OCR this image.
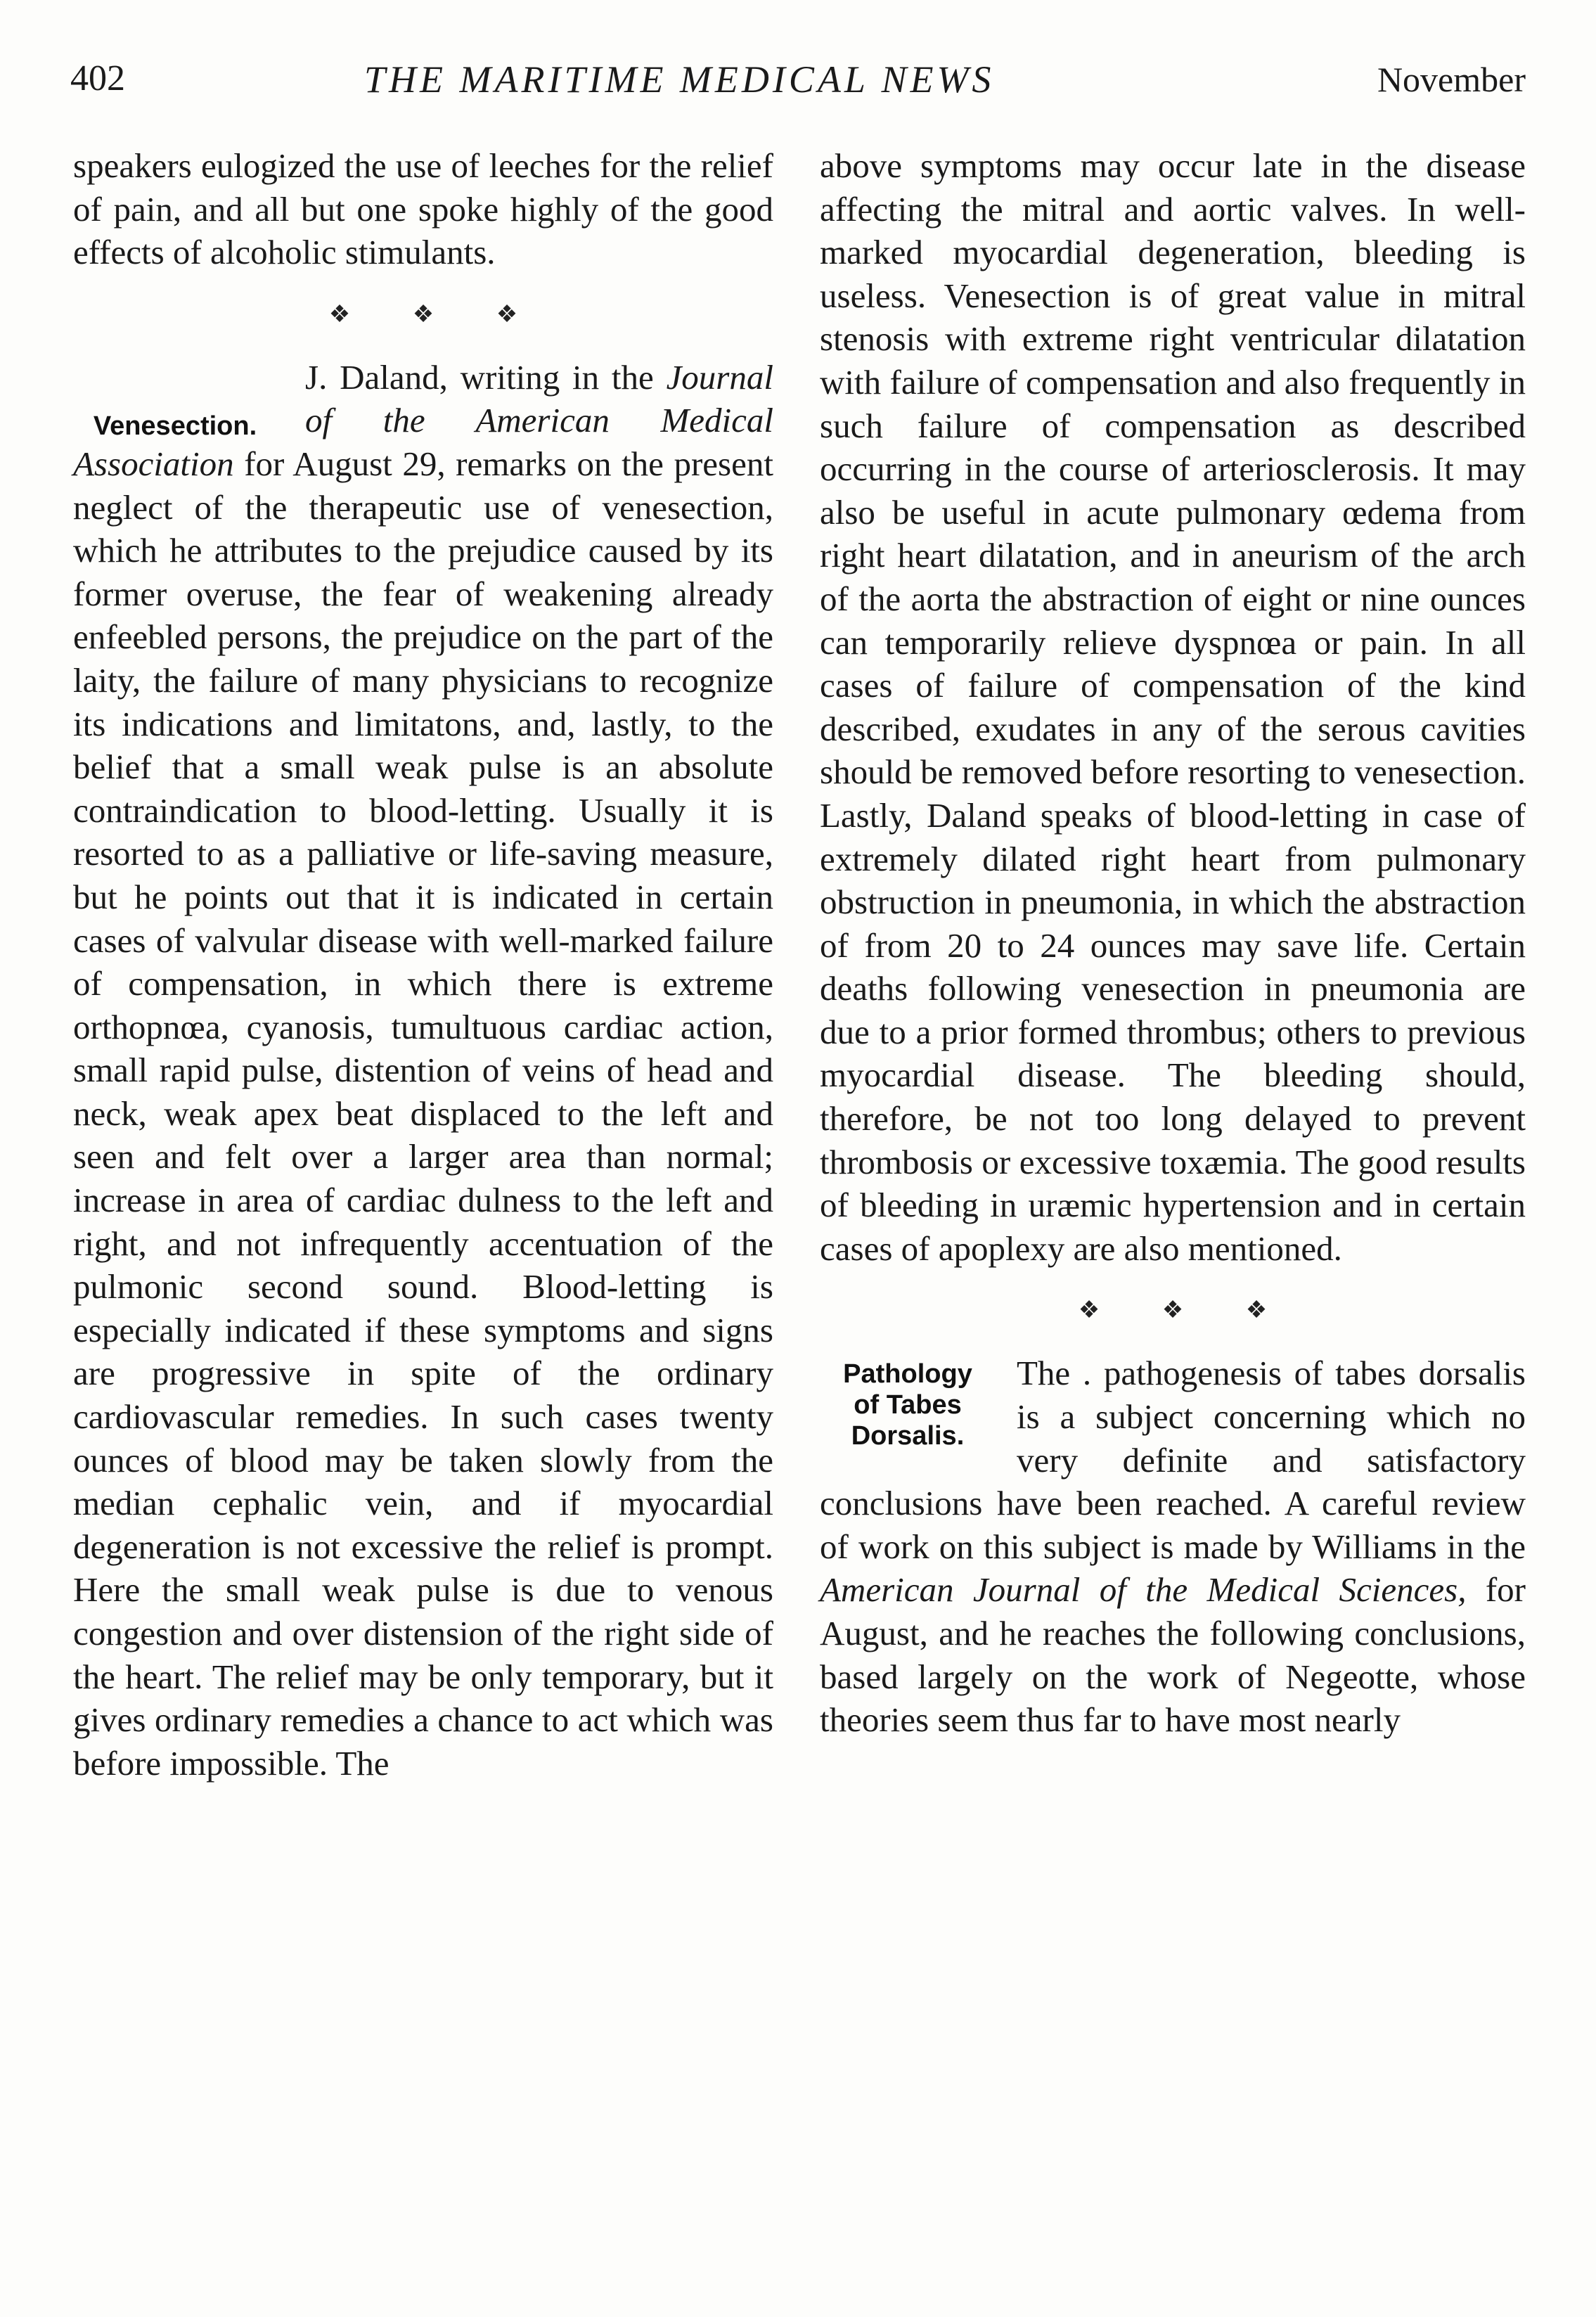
402	THE MARITIME MEDICAL NEWS	November

speakers eulogized the use of leeches for the relief of pain, and all but one spoke highly of the good effects of alcoholic stimulants.

❖ ❖ ❖
Venesection.

J. Daland, writing in the Journal of the American Medical Association for August 29, remarks on the present neglect of the therapeutic use of venesection, which he attributes to the prejudice caused by its former overuse, the fear of weakening already enfeebled persons, the prejudice on the part of the laity, the failure of many physicians to recognize its indications and limitatons, and, lastly, to the belief that a small weak pulse is an absolute contraindication to blood-letting. Usually it is resorted to as a palliative or life-saving measure, but he points out that it is indicated in certain cases of valvular disease with well-marked failure of compensation, in which there is extreme orthopnœa, cyanosis, tumultuous cardiac action, small rapid pulse, distention of veins of head and neck, weak apex beat displaced to the left and seen and felt over a larger area than normal; increase in area of cardiac dulness to the left and right, and not infrequently accentuation of the pulmonic second sound. Blood-letting is especially indicated if these symptoms and signs are progressive in spite of the ordinary cardiovascular remedies. In such cases twenty ounces of blood may be taken slowly from the median cephalic vein, and if myocardial degeneration is not excessive the relief is prompt. Here the small weak pulse is due to venous congestion and over distension of the right side of the heart. The relief may be only temporary, but it gives ordinary remedies a chance to act which was before impossible. The

above symptoms may occur late in the disease affecting the mitral and aortic valves. In well-marked myocardial degeneration, bleeding is useless. Venesection is of great value in mitral stenosis with extreme right ventricular dilatation with failure of compensation and also frequently in such failure of compensation as described occurring in the course of arteriosclerosis. It may also be useful in acute pulmonary œdema from right heart dilatation, and in aneurism of the arch of the aorta the abstraction of eight or nine ounces can temporarily relieve dyspnœa or pain. In all cases of failure of compensation of the kind described, exudates in any of the serous cavities should be removed before resorting to venesection. Lastly, Daland speaks of blood-letting in case of extremely dilated right heart from pulmonary obstruction in pneumonia, in which the abstraction of from 20 to 24 ounces may save life. Certain deaths following venesection in pneumonia are due to a prior formed thrombus; others to previous myocardial disease. The bleeding should, therefore, be not too long delayed to prevent thrombosis or excessive toxæmia. The good results of bleeding in uræmic hypertension and in certain cases of apoplexy are also mentioned.

❖ ❖ ❖
Pathology
of Tabes
Dorsalis.

The . pathogenesis of tabes dorsalis is a subject concerning which no very definite and satisfactory conclusions have been reached. A careful review of work on this subject is made by Williams in the American Journal of the Medical Sciences, for August, and he reaches the following conclusions, based largely on the work of Negeotte, whose theories seem thus far to have most nearly
